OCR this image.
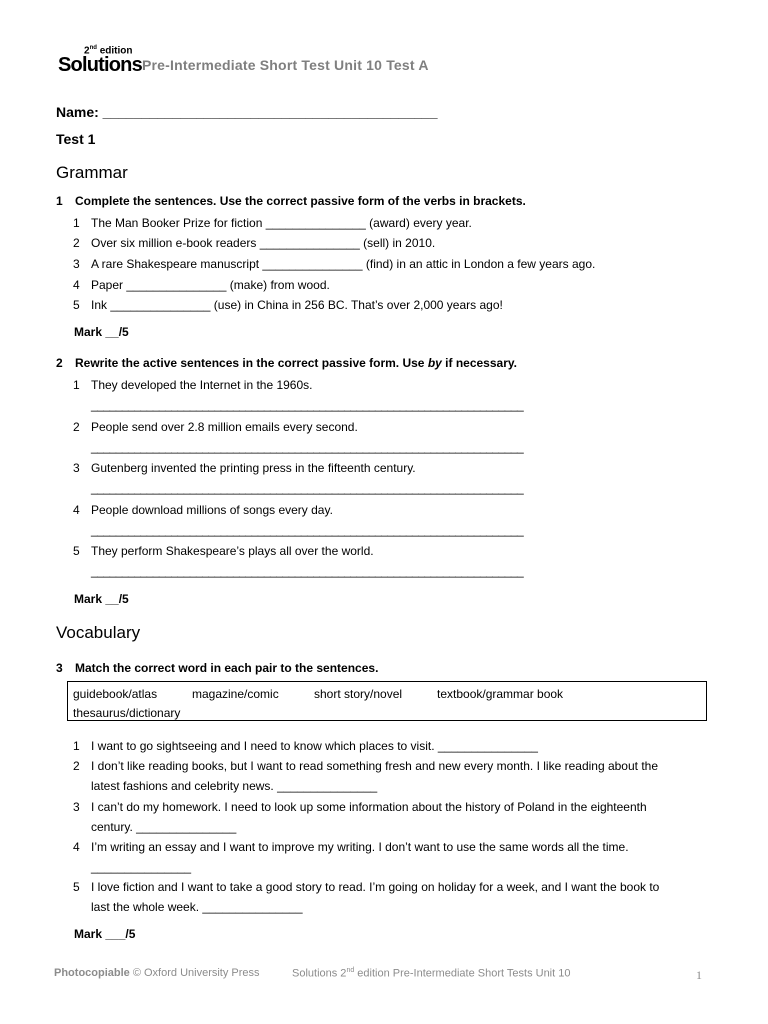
2nd edition
Solutions Pre-Intermediate Short Test Unit 10 Test A
Name: ___________________________________________
Test 1
Grammar
1 Complete the sentences. Use the correct passive form of the verbs in brackets.
1 The Man Booker Prize for fiction _______________ (award) every year.
2 Over six million e-book readers _______________ (sell) in 2010.
3 A rare Shakespeare manuscript _______________ (find) in an attic in London a few years ago.
4 Paper _______________ (make) from wood.
5 Ink _______________ (use) in China in 256 BC. That’s over 2,000 years ago!
Mark __/5
2 Rewrite the active sentences in the correct passive form. Use by if necessary.
1 They developed the Internet in the 1960s.
______________________________________________________________________
2 People send over 2.8 million emails every second.
______________________________________________________________________
3 Gutenberg invented the printing press in the fifteenth century.
______________________________________________________________________
4 People download millions of songs every day.
______________________________________________________________________
5 They perform Shakespeare’s plays all over the world.
______________________________________________________________________
Mark __/5
Vocabulary
3 Match the correct word in each pair to the sentences.
guidebook/atlas	magazine/comic	short story/novel	textbook/grammar book
thesaurus/dictionary
1 I want to go sightseeing and I need to know which places to visit. _______________
2 I don’t like reading books, but I want to read something fresh and new every month. I like reading about the
latest fashions and celebrity news. _______________
3 I can’t do my homework. I need to look up some information about the history of Poland in the eighteenth
century. _______________
4 I’m writing an essay and I want to improve my writing. I don’t want to use the same words all the time.
_______________
5 I love fiction and I want to take a good story to read. I’m going on holiday for a week, and I want the book to
last the whole week. _______________
Mark ___/5
Photocopiable © Oxford University Press	Solutions 2nd edition Pre-Intermediate Short Tests Unit 10	1
